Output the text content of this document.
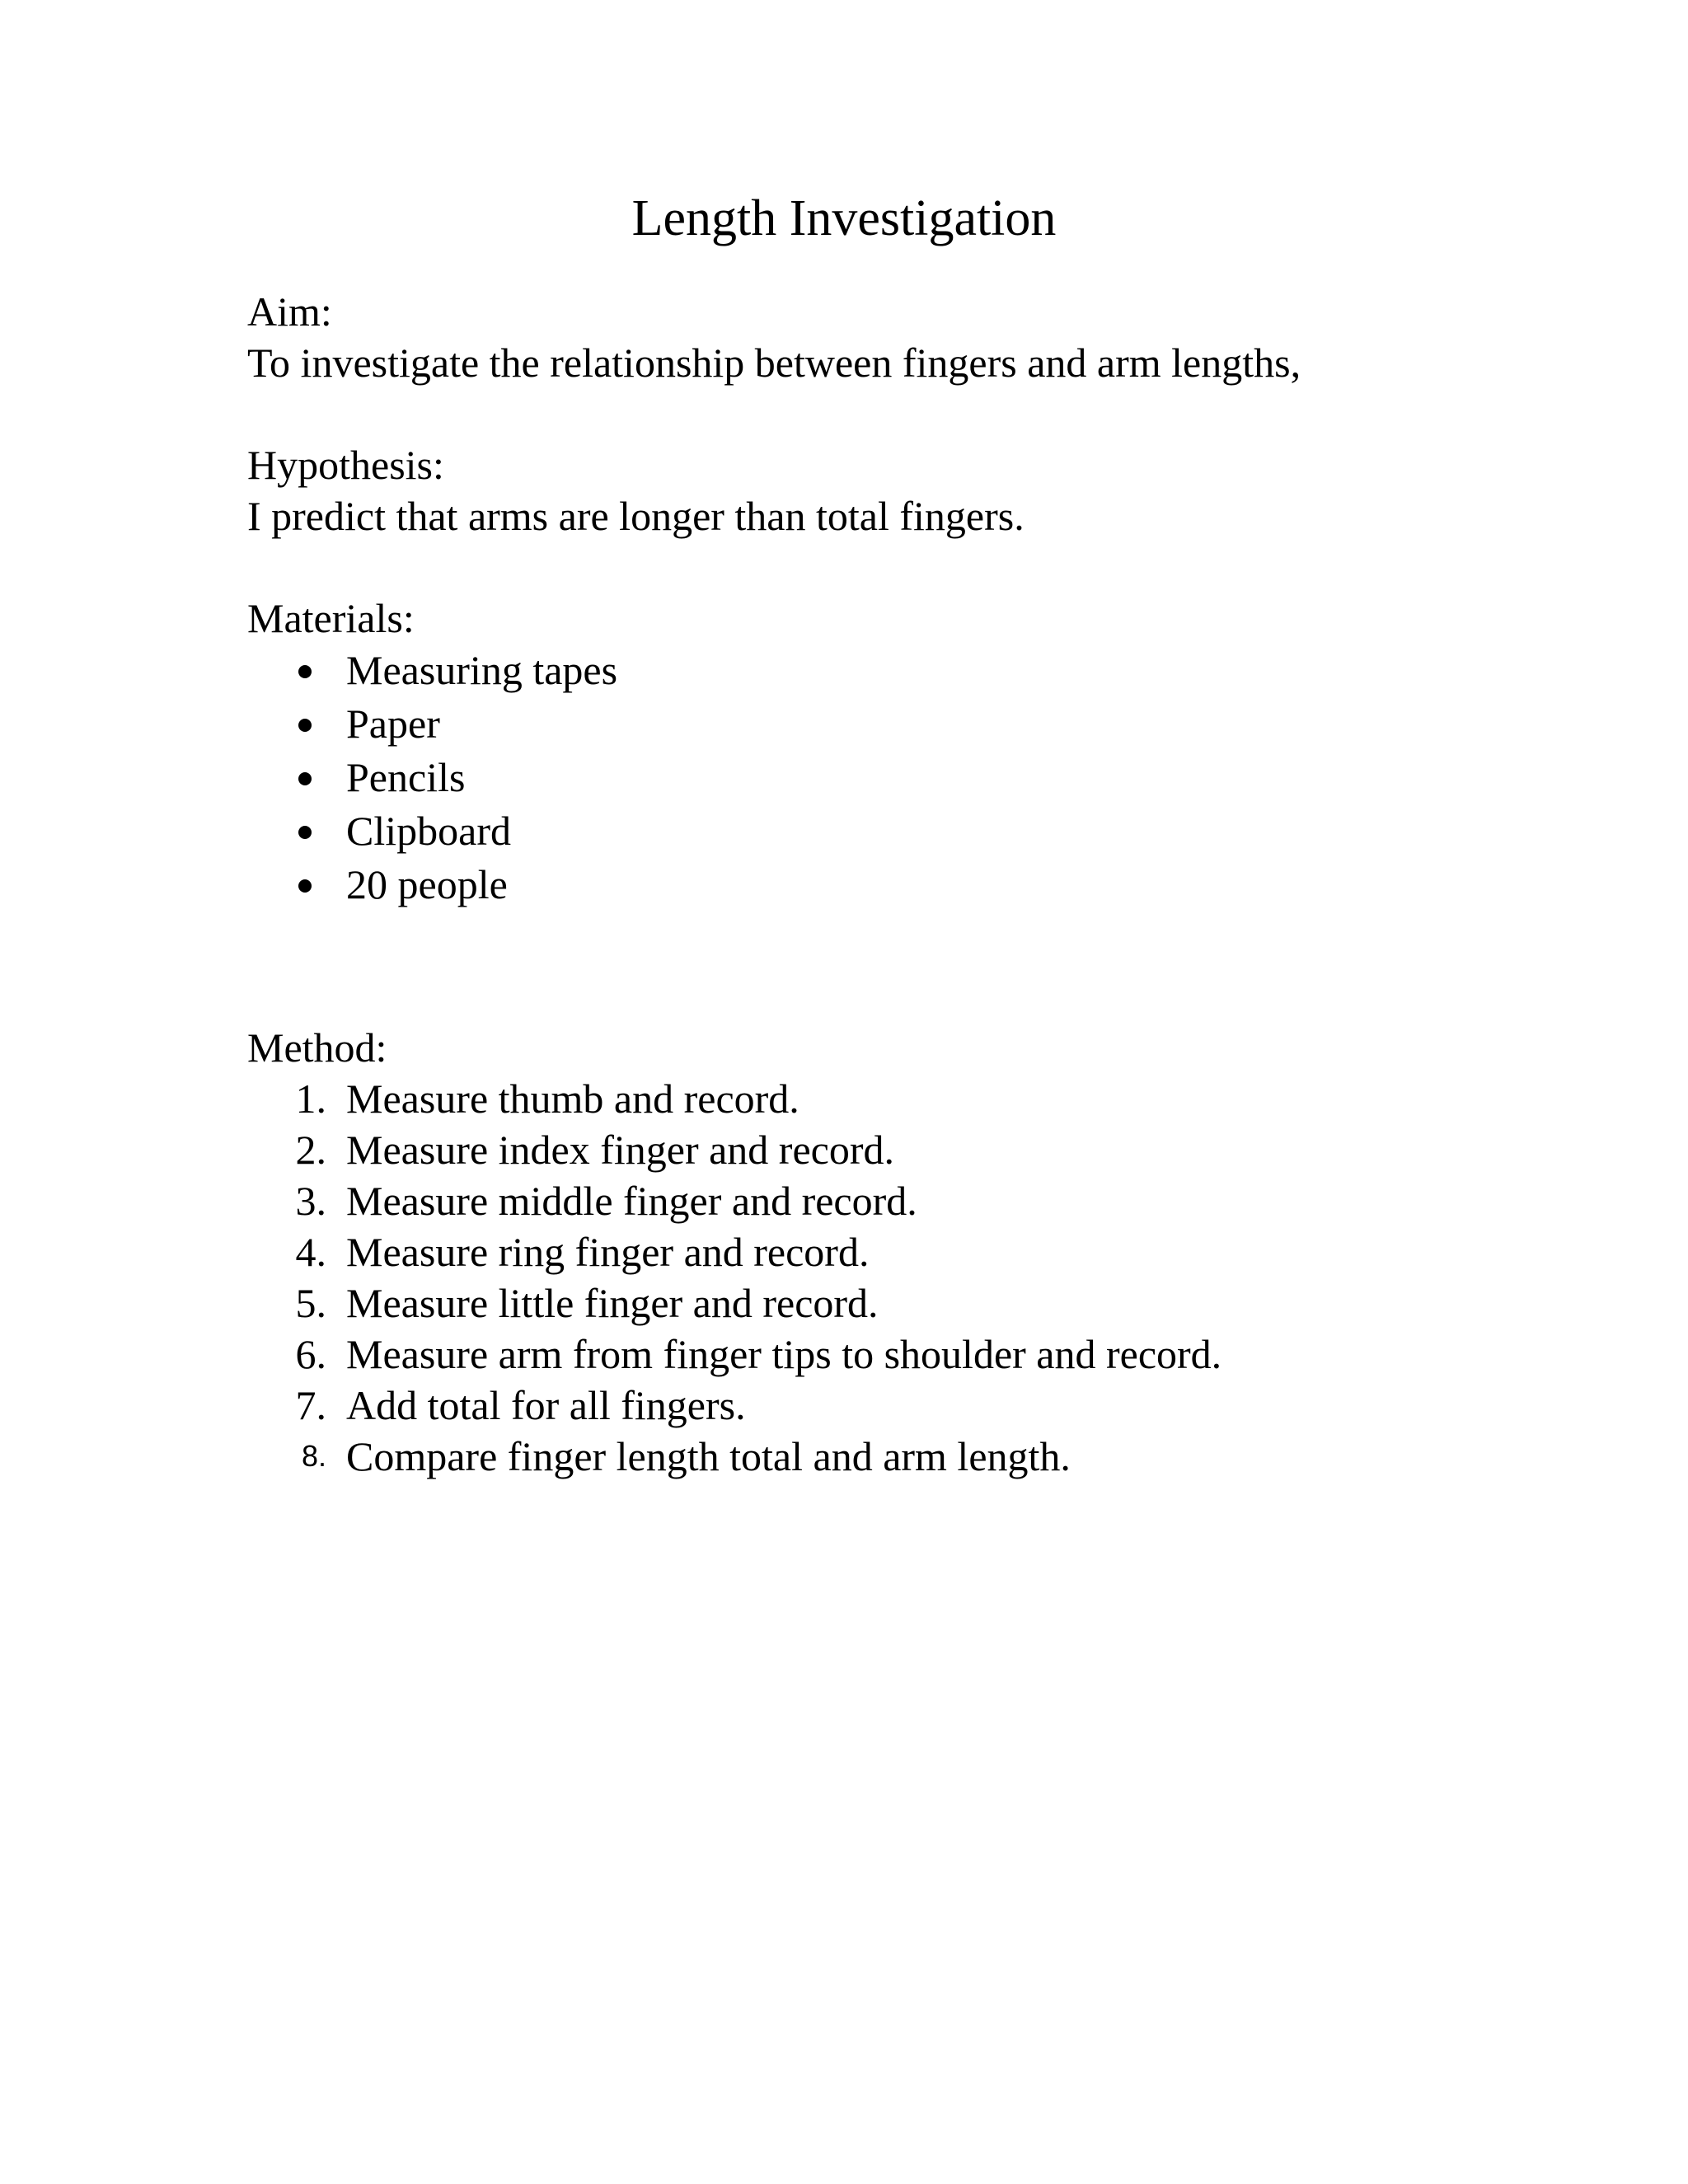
Length Investigation
Aim:

To investigate the relationship between fingers and arm lengths,

Hypothesis:

I predict that arms are longer than total fingers.

Materials:
Measuring tapes
Paper
Pencils
Clipboard
20 people
Method:
1. Measure thumb and record.
2. Measure index finger and record.
3. Measure middle finger and record.
4. Measure ring finger and record.
5. Measure little finger and record.
6. Measure arm from finger tips to shoulder and record.
7. Add total for all fingers.
8. Compare finger length total and arm length.
